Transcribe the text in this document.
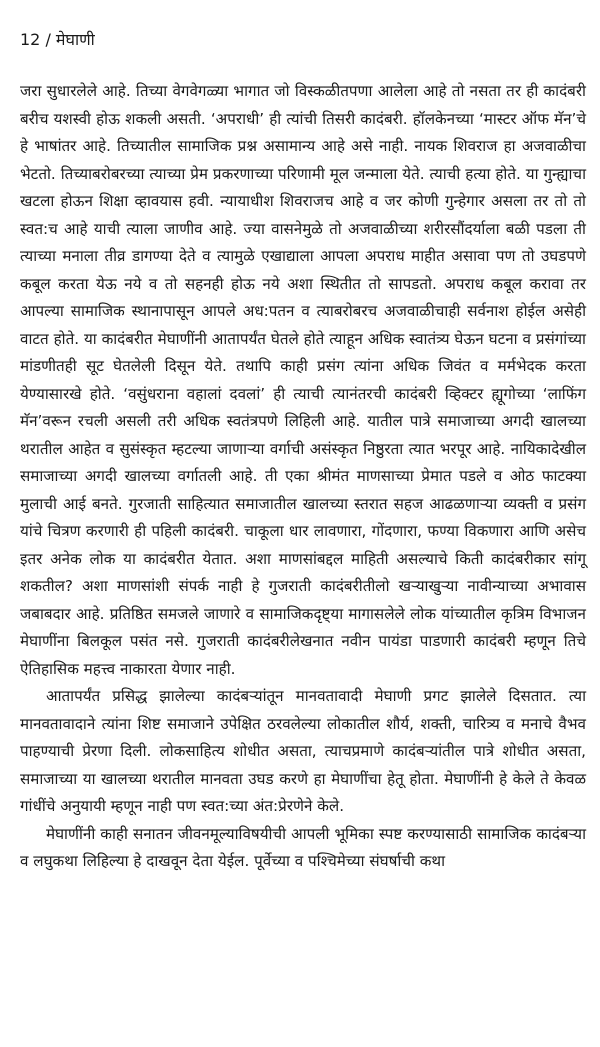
12 / मेघाणी

जरा सुधारलेले आहे. तिच्या वेगवेगळ्या भागात जो विस्कळीतपणा आलेला आहे तो नसता तर ही कादंबरी बरीच यशस्वी होऊ शकली असती. ‘अपराधी’ ही त्यांची तिसरी कादंबरी. हॉलकेनच्या ‘मास्टर ऑफ मॅन’चे हे भाषांतर आहे. तिच्यातील सामाजिक प्रश्न असामान्य आहे असे नाही. नायक शिवराज हा अजवाळीचा भेटतो. तिच्याबरोबरच्या त्याच्या प्रेम प्रकरणाच्या परिणामी मूल जन्माला येते. त्याची हत्या होते. या गुन्ह्याचा खटला होऊन शिक्षा व्हावयास हवी. न्यायाधीश शिवराजच आहे व जर कोणी गुन्हेगार असला तर तो तो स्वत:च आहे याची त्याला जाणीव आहे. ज्या वासनेमुळे तो अजवाळीच्या शरीरसौंदर्याला बळी पडला ती त्याच्या मनाला तीव्र डागण्या देते व त्यामुळे एखाद्याला आपला अपराध माहीत असावा पण तो उघडपणे कबूल करता येऊ नये व तो सहनही होऊ नये अशा स्थितीत तो सापडतो. अपराध कबूल करावा तर आपल्या सामाजिक स्थानापासून आपले अध:पतन व त्याबरोबरच अजवाळीचाही सर्वनाश होईल असेही वाटत होते. या कादंबरीत मेघाणींनी आतापर्यंत घेतले होते त्याहून अधिक स्वातंत्र्य घेऊन घटना व प्रसंगांच्या मांडणीतही सूट घेतलेली दिसून येते. तथापि काही प्रसंग त्यांना अधिक जिवंत व मर्मभेदक करता येण्यासारखे होते. ‘वसुंधराना वहालां दवलां’ ही त्याची त्यानंतरची कादंबरी व्हिक्टर ह्यूगोच्या ‘लाफिंग मॅन’वरून रचली असली तरी अधिक स्वतंत्रपणे लिहिली आहे. यातील पात्रे समाजाच्या अगदी खालच्या थरातील आहेत व सुसंस्कृत म्हटल्या जाणाऱ्या वर्गाची असंस्कृत निष्ठुरता त्यात भरपूर आहे. नायिकादेखील समाजाच्या अगदी खालच्या वर्गातली आहे. ती एका श्रीमंत माणसाच्या प्रेमात पडले व ओठ फाटक्या मुलाची आई बनते. गुरजाती साहित्यात समाजातील खालच्या स्तरात सहज आढळणाऱ्या व्यक्ती व प्रसंग यांचे चित्रण करणारी ही पहिली कादंबरी. चाकूला धार लावणारा, गोंदणारा, फण्या विकणारा आणि असेच इतर अनेक लोक या कादंबरीत येतात. अशा माणसांबद्दल माहिती असल्याचे किती कादंबरीकार सांगू शकतील? अशा माणसांशी संपर्क नाही हे गुजराती कादंबरीतीलो खऱ्याखुऱ्या नावीन्याच्या अभावास जबाबदार आहे. प्रतिष्ठित समजले जाणारे व सामाजिकदृष्ट्या मागासलेले लोक यांच्यातील कृत्रिम विभाजन मेघाणींना बिलकूल पसंत नसे. गुजराती कादंबरीलेखनात नवीन पायंडा पाडणारी कादंबरी म्हणून तिचे ऐतिहासिक महत्त्व नाकारता येणार नाही.

आतापर्यंत प्रसिद्ध झालेल्या कादंबऱ्यांतून मानवतावादी मेघाणी प्रगट झालेले दिसतात. त्या मानवतावादाने त्यांना शिष्ट समाजाने उपेक्षित ठरवलेल्या लोकातील शौर्य, शक्ती, चारित्र्य व मनाचे वैभव पाहण्याची प्रेरणा दिली. लोकसाहित्य शोधीत असता, त्याचप्रमाणे कादंबऱ्यांतील पात्रे शोधीत असता, समाजाच्या या खालच्या थरातील मानवता उघड करणे हा मेघाणींचा हेतू होता. मेघाणींनी हे केले ते केवळ गांधींचे अनुयायी म्हणून नाही पण स्वत:च्या अंत:प्रेरणेने केले.

मेघाणींनी काही सनातन जीवनमूल्याविषयीची आपली भूमिका स्पष्ट करण्यासाठी सामाजिक कादंबऱ्या व लघुकथा लिहिल्या हे दाखवून देता येईल. पूर्वेच्या व पश्चिमेच्या संघर्षाची कथा
